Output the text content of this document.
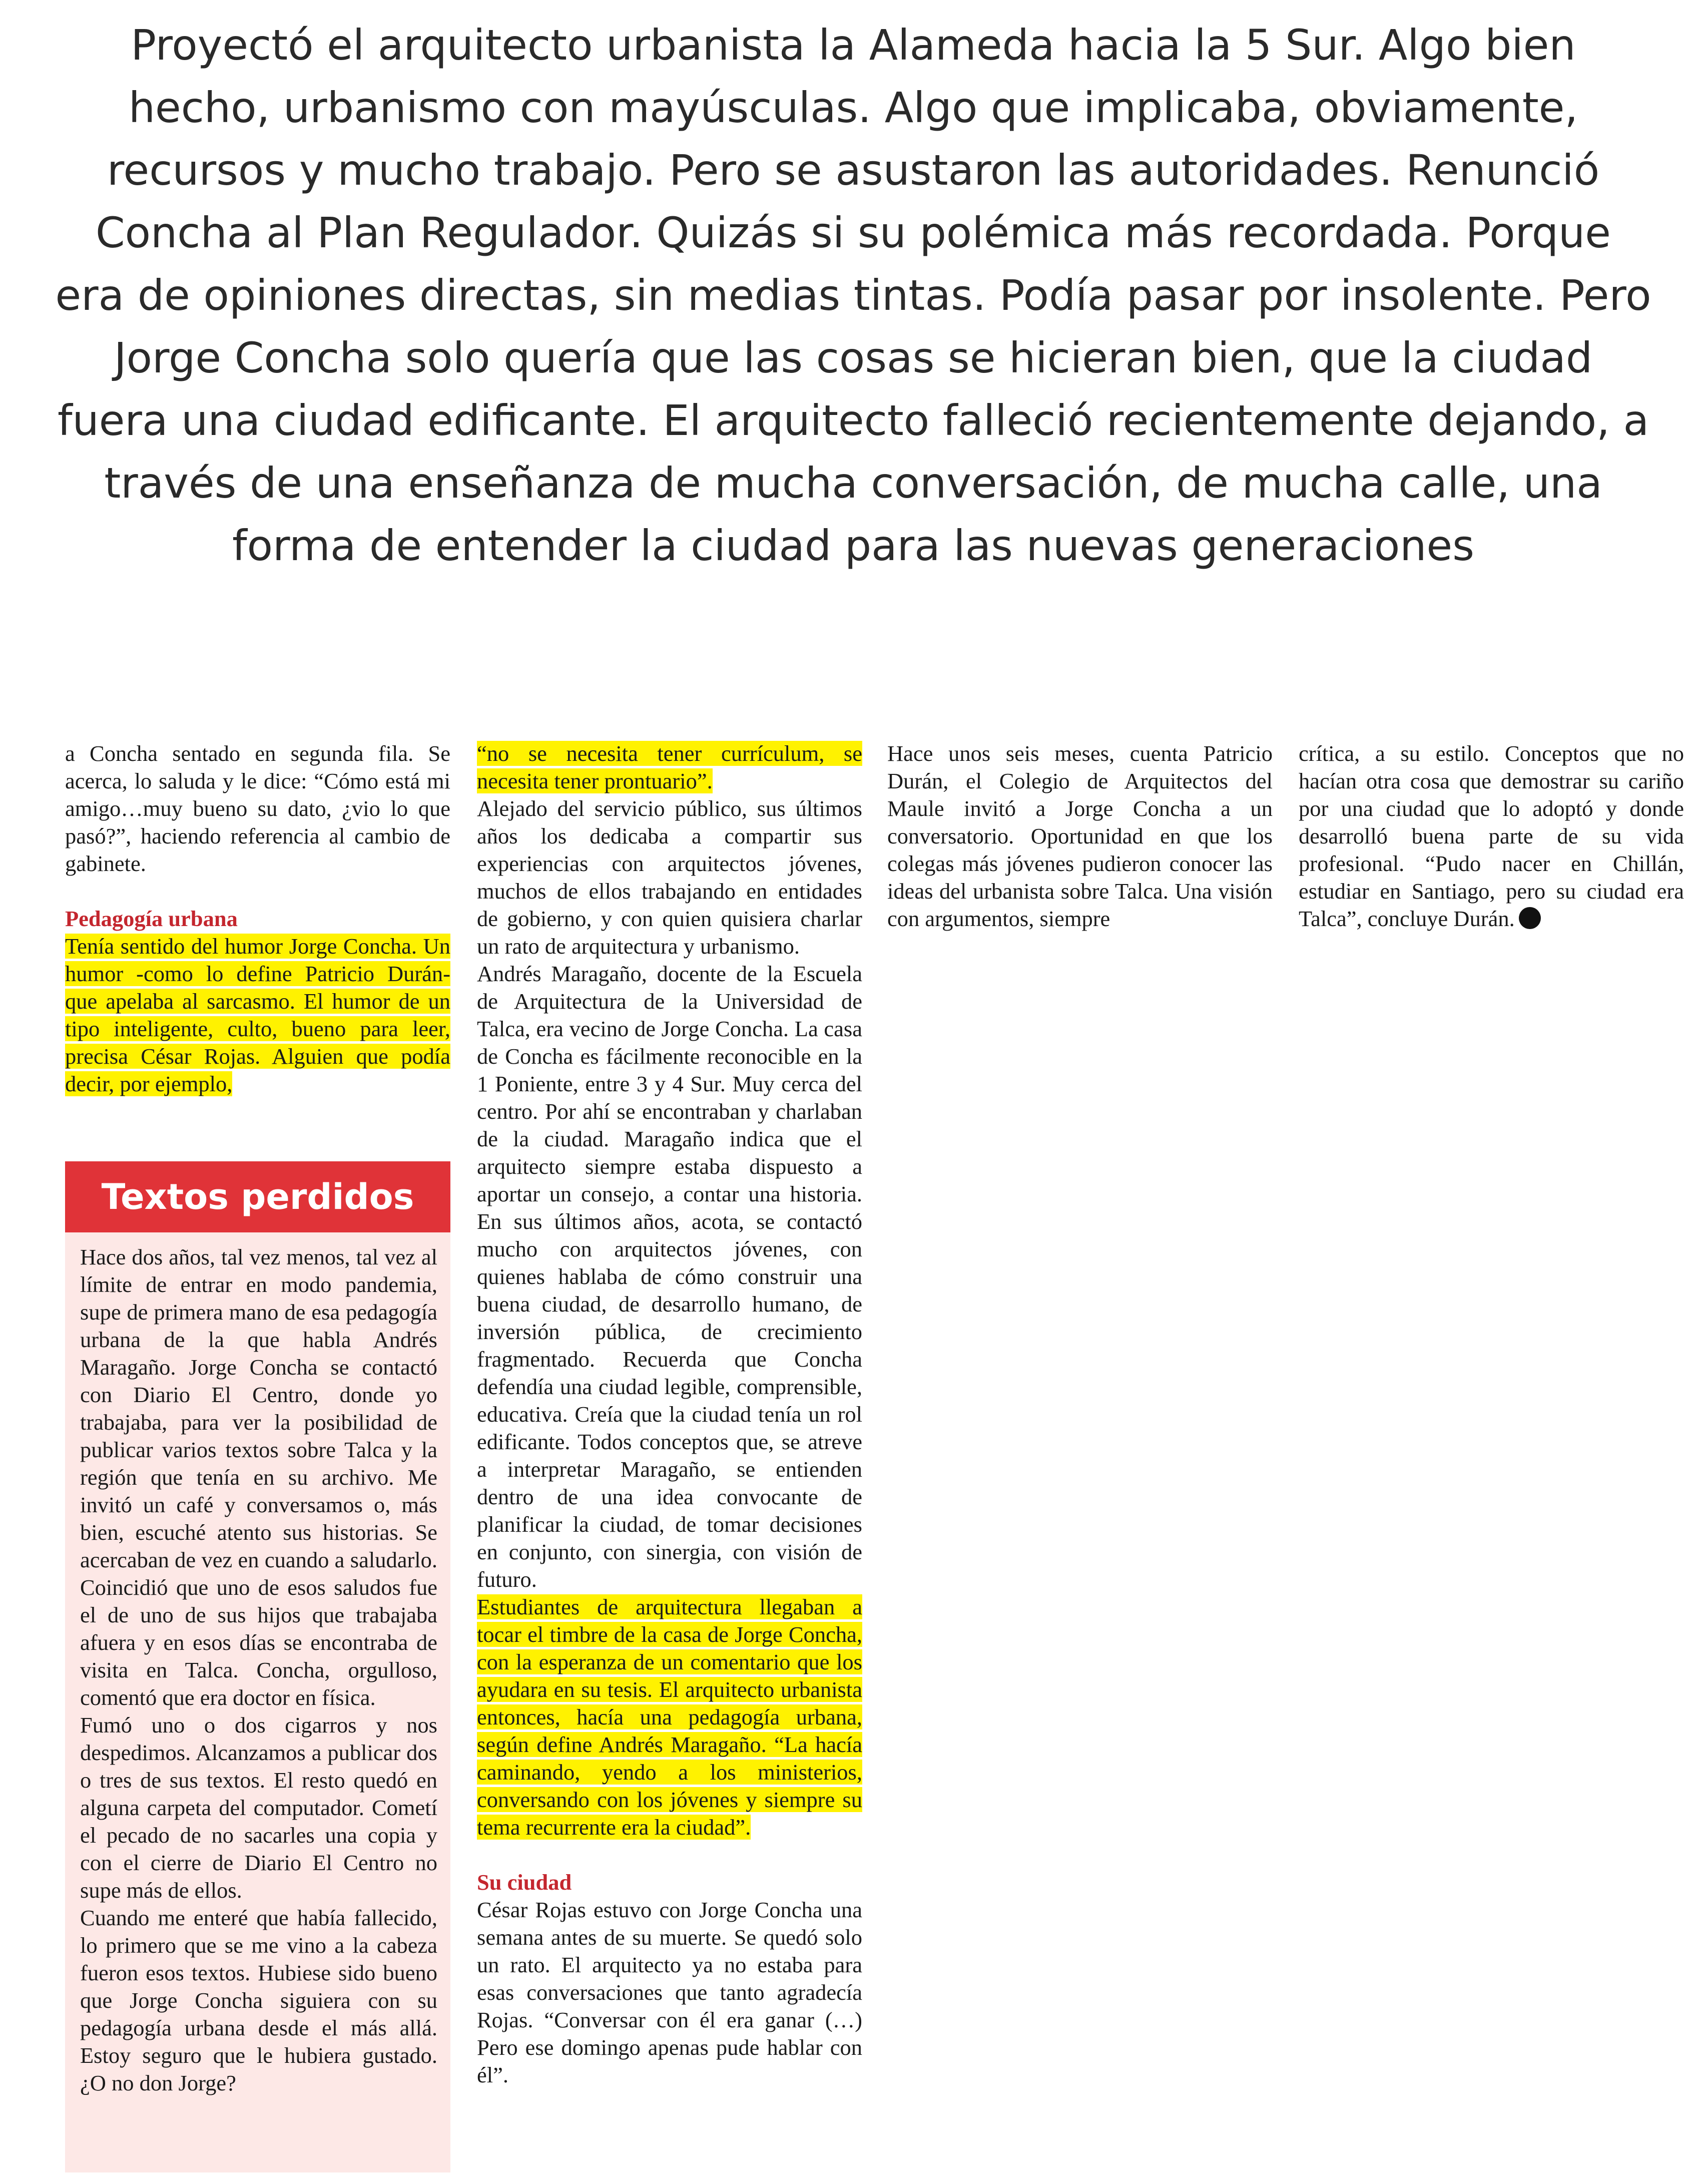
Proyectó el arquitecto urbanista la Alameda hacia la 5 Sur. Algo bien hecho, urbanismo con mayúsculas. Algo que implicaba, obviamente, recursos y mucho trabajo. Pero se asustaron las autoridades. Renunció Concha al Plan Regulador. Quizás si su polémica más recordada. Porque era de opiniones directas, sin medias tintas. Podía pasar por insolente. Pero Jorge Concha solo quería que las cosas se hicieran bien, que la ciudad fuera una ciudad edificante. El arquitecto falleció recientemente dejando, a través de una enseñanza de mucha conversación, de mucha calle, una forma de entender la ciudad para las nuevas generaciones

a Concha sentado en segunda fila. Se acerca, lo saluda y le dice: “Cómo está mi amigo…muy bueno su dato, ¿vio lo que pasó?”, haciendo referencia al cambio de gabinete.

Pedagogía urbana

Tenía sentido del humor Jorge Concha. Un humor -como lo define Patricio Durán- que apelaba al sarcasmo. El humor de un tipo inteligente, culto, bueno para leer, precisa César Rojas. Alguien que podía decir, por ejemplo,

Textos perdidos

Hace dos años, tal vez menos, tal vez al límite de entrar en modo pandemia, supe de primera mano de esa pedagogía urbana de la que habla Andrés Maragaño. Jorge Concha se contactó con Diario El Centro, donde yo trabajaba, para ver la posibilidad de publicar varios textos sobre Talca y la región que tenía en su archivo. Me invitó un café y conversamos o, más bien, escuché atento sus historias. Se acercaban de vez en cuando a saludarlo. Coincidió que uno de esos saludos fue el de uno de sus hijos que trabajaba afuera y en esos días se encontraba de visita en Talca. Concha, orgulloso, comentó que era doctor en física.

Fumó uno o dos cigarros y nos despedimos. Alcanzamos a publicar dos o tres de sus textos. El resto quedó en alguna carpeta del computador. Cometí el pecado de no sacarles una copia y con el cierre de Diario El Centro no supe más de ellos.

Cuando me enteré que había fallecido, lo primero que se me vino a la cabeza fueron esos textos. Hubiese sido bueno que Jorge Concha siguiera con su pedagogía urbana desde el más allá. Estoy seguro que le hubiera gustado. ¿O no don Jorge?

“no se necesita tener currículum, se necesita tener prontuario”.

Alejado del servicio público, sus últimos años los dedicaba a compartir sus experiencias con arquitectos jóvenes, muchos de ellos trabajando en entidades de gobierno, y con quien quisiera charlar un rato de arquitectura y urbanismo.

Andrés Maragaño, docente de la Escuela de Arquitectura de la Universidad de Talca, era vecino de Jorge Concha. La casa de Concha es fácilmente reconocible en la 1 Poniente, entre 3 y 4 Sur. Muy cerca del centro. Por ahí se encontraban y charlaban de la ciudad. Maragaño indica que el arquitecto siempre estaba dispuesto a aportar un consejo, a contar una historia. En sus últimos años, acota, se contactó mucho con arquitectos jóvenes, con quienes hablaba de cómo construir una buena ciudad, de desarrollo humano, de inversión pública, de crecimiento fragmentado. Recuerda que Concha defendía una ciudad legible, comprensible, educativa. Creía que la ciudad tenía un rol edificante. Todos conceptos que, se atreve a interpretar Maragaño, se entienden dentro de una idea convocante de planificar la ciudad, de tomar decisiones en conjunto, con sinergia, con visión de futuro.

Estudiantes de arquitectura llegaban a tocar el timbre de la casa de Jorge Concha, con la esperanza de un comentario que los ayudara en su tesis. El arquitecto urbanista entonces, hacía una pedagogía urbana, según define Andrés Maragaño. “La hacía caminando, yendo a los ministerios, conversando con los jóvenes y siempre su tema recurrente era la ciudad”.

Su ciudad

César Rojas estuvo con Jorge Concha una semana antes de su muerte. Se quedó solo un rato. El arquitecto ya no estaba para esas conversaciones que tanto agradecía Rojas. “Conversar con él era ganar (…) Pero ese domingo apenas pude hablar con él”.

Hace unos seis meses, cuenta Patricio Durán, el Colegio de Arquitectos del Maule invitó a Jorge Concha a un conversatorio. Oportunidad en que los colegas más jóvenes pudieron conocer las ideas del urbanista sobre Talca. Una visión con argumentos, siempre

crítica, a su estilo. Conceptos que no hacían otra cosa que demostrar su cariño por una ciudad que lo adoptó y donde desarrolló buena parte de su vida profesional. “Pudo nacer en Chillán, estudiar en Santiago, pero su ciudad era Talca”, concluye Durán.
